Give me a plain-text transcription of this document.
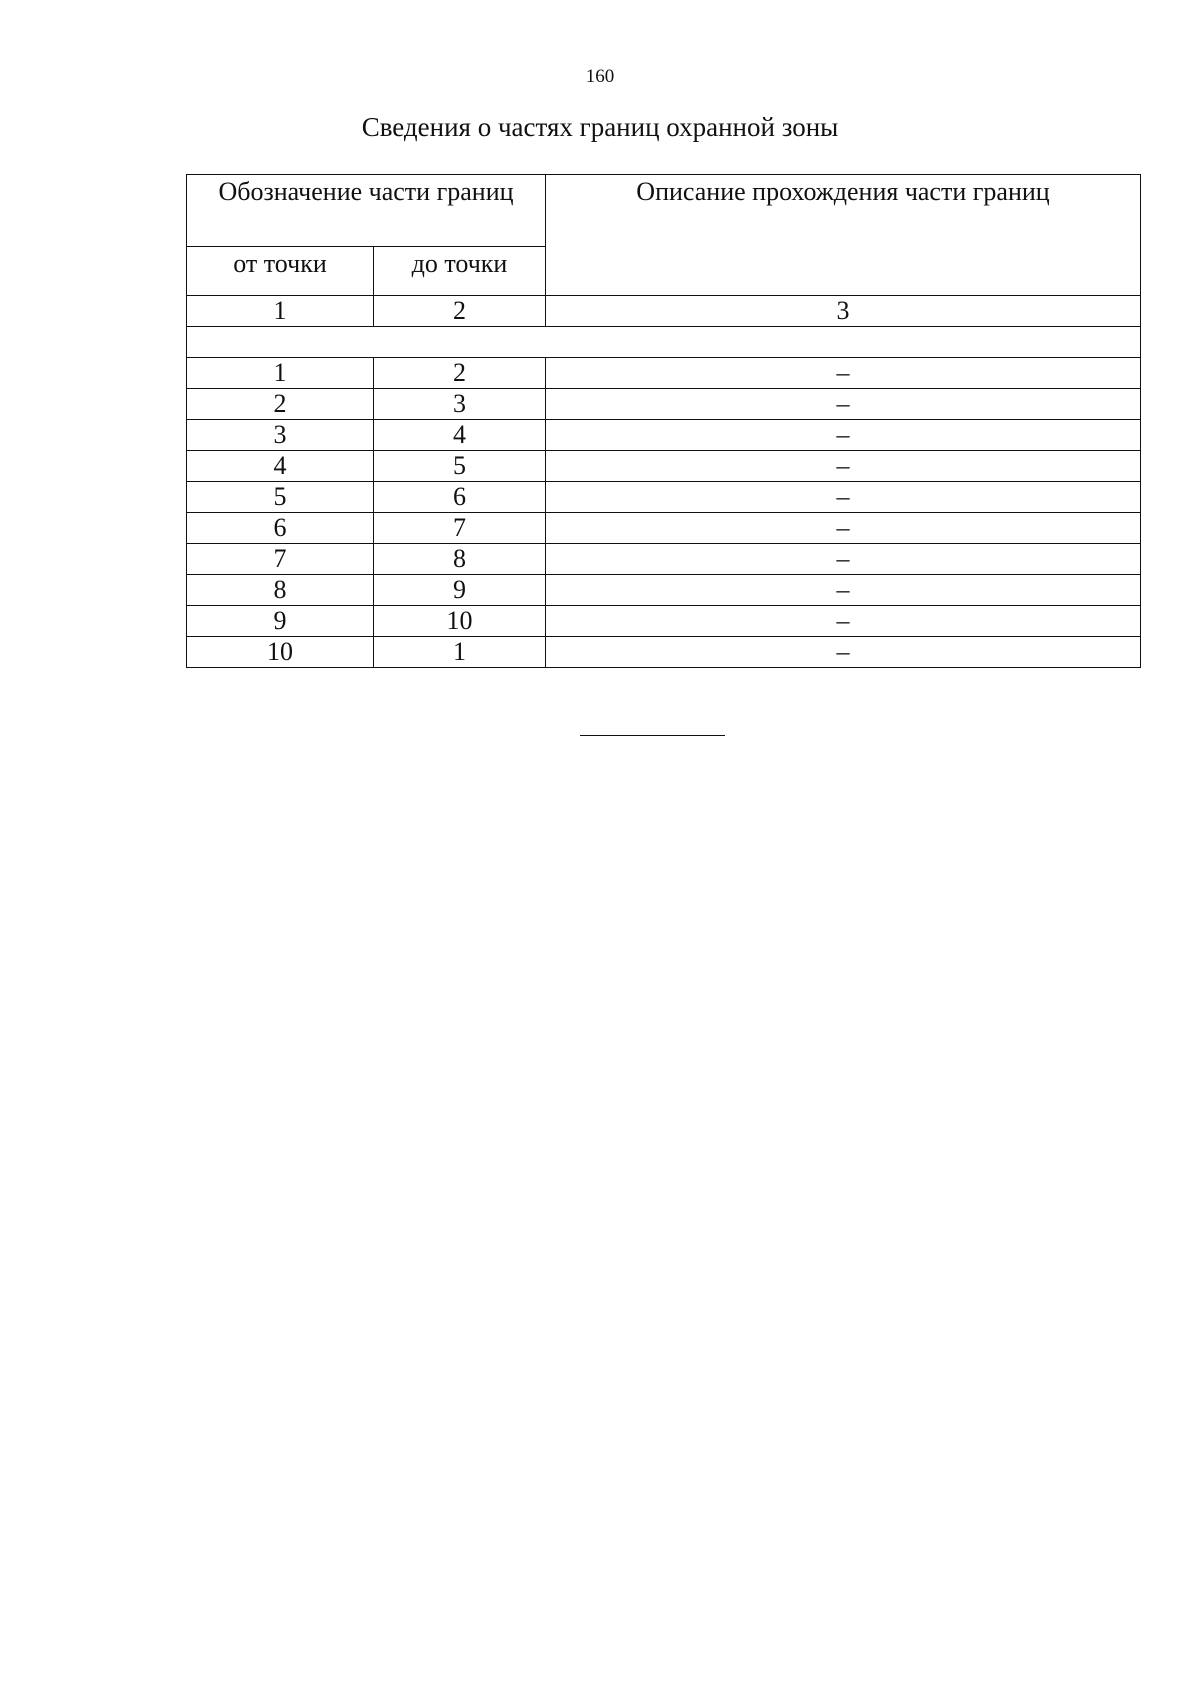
160
Сведения о частях границ охранной зоны
Обозначение части границ		Описание прохождения части границ

от точки	до точки	

1	2	3

1	2	–
2	3	–
3	4	–
4	5	–
5	6	–
6	7	–
7	8	–
8	9	–
9	10	–
10	1	–
